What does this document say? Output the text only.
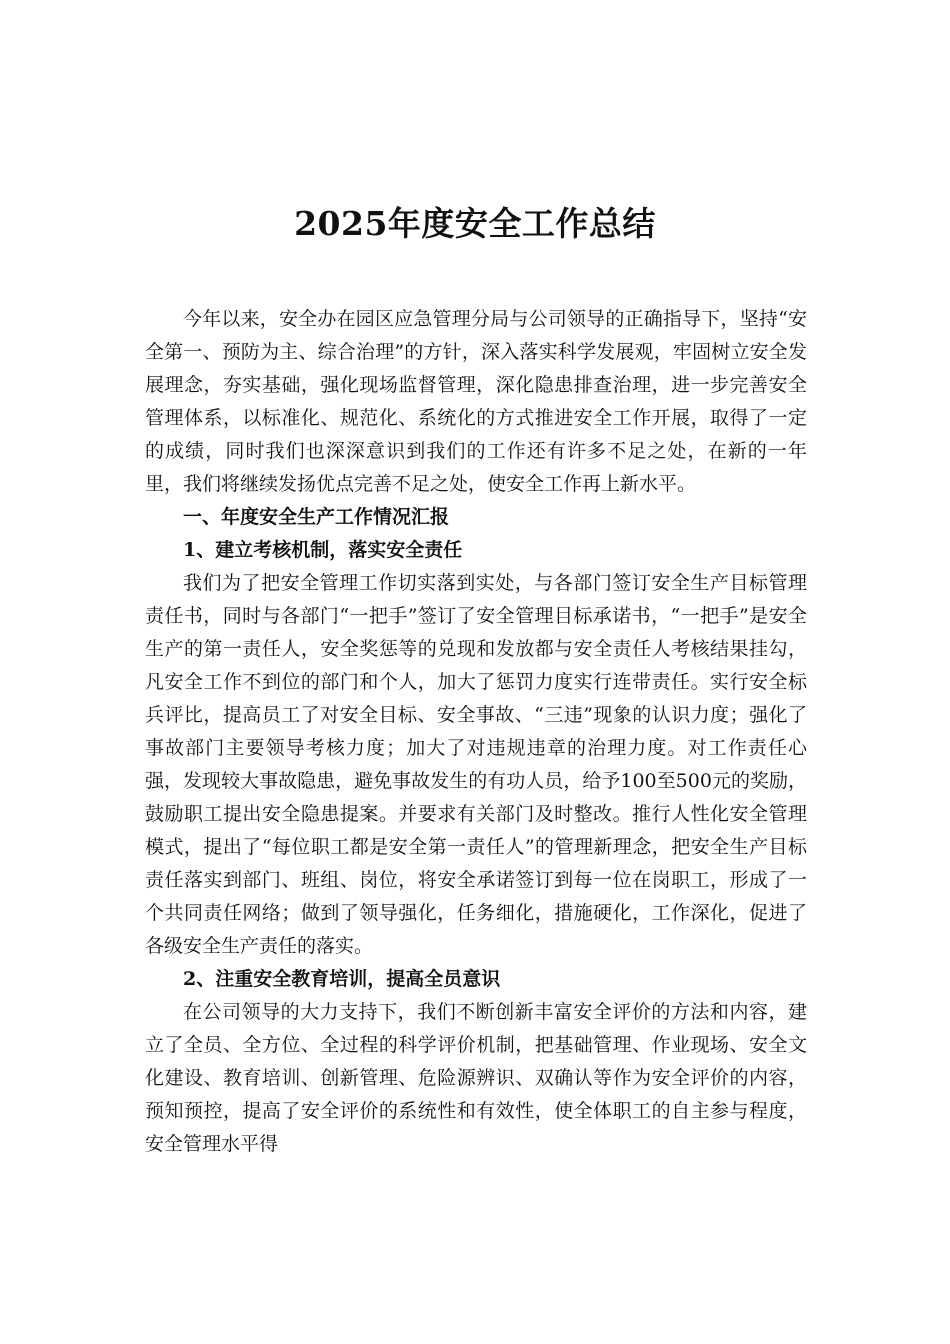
2025年度安全工作总结

今年以来，安全办在园区应急管理分局与公司领导的正确指导下，坚持“安全第一、预防为主、综合治理”的方针，深入落实科学发展观，牢固树立安全发展理念，夯实基础，强化现场监督管理，深化隐患排查治理，进一步完善安全管理体系，以标准化、规范化、系统化的方式推进安全工作开展，取得了一定的成绩，同时我们也深深意识到我们的工作还有许多不足之处，在新的一年里，我们将继续发扬优点完善不足之处，使安全工作再上新水平。

一、年度安全生产工作情况汇报

1、建立考核机制，落实安全责任

我们为了把安全管理工作切实落到实处，与各部门签订安全生产目标管理责任书，同时与各部门“一把手”签订了安全管理目标承诺书，“一把手”是安全生产的第一责任人，安全奖惩等的兑现和发放都与安全责任人考核结果挂勾，凡安全工作不到位的部门和个人，加大了惩罚力度实行连带责任。实行安全标兵评比，提高员工了对安全目标、安全事故、“三违”现象的认识力度；强化了事故部门主要领导考核力度；加大了对违规违章的治理力度。对工作责任心强，发现较大事故隐患，避免事故发生的有功人员，给予100至500元的奖励，鼓励职工提出安全隐患提案。并要求有关部门及时整改。推行人性化安全管理模式，提出了“每位职工都是安全第一责任人”的管理新理念，把安全生产目标责任落实到部门、班组、岗位，将安全承诺签订到每一位在岗职工，形成了一个共同责任网络；做到了领导强化，任务细化，措施硬化，工作深化，促进了各级安全生产责任的落实。

2、注重安全教育培训，提高全员意识

在公司领导的大力支持下，我们不断创新丰富安全评价的方法和内容，建立了全员、全方位、全过程的科学评价机制，把基础管理、作业现场、安全文化建设、教育培训、创新管理、危险源辨识、双确认等作为安全评价的内容，预知预控，提高了安全评价的系统性和有效性，使全体职工的自主参与程度，安全管理水平得
